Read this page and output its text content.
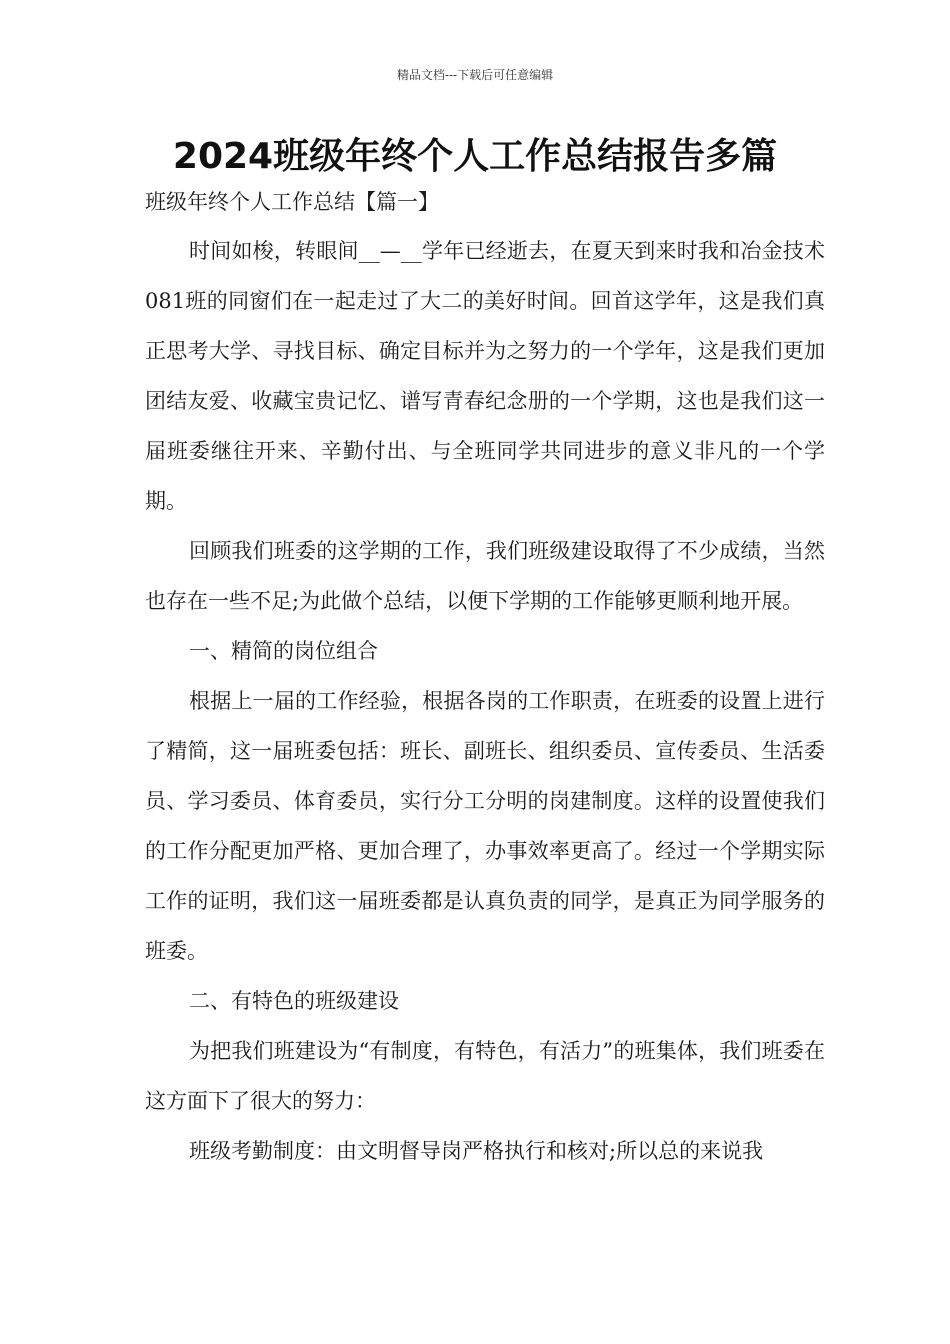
精品文档---下载后可任意编辑
2024班级年终个人工作总结报告多篇
班级年终个人工作总结【篇一】

时间如梭，转眼间__—__学年已经逝去，在夏天到来时我和冶金技术081班的同窗们在一起走过了大二的美好时间。回首这学年，这是我们真正思考大学、寻找目标、确定目标并为之努力的一个学年，这是我们更加团结友爱、收藏宝贵记忆、谱写青春纪念册的一个学期，这也是我们这一届班委继往开来、辛勤付出、与全班同学共同进步的意义非凡的一个学期。

回顾我们班委的这学期的工作，我们班级建设取得了不少成绩，当然也存在一些不足;为此做个总结，以便下学期的工作能够更顺利地开展。

一、精简的岗位组合

根据上一届的工作经验，根据各岗的工作职责，在班委的设置上进行了精简，这一届班委包括：班长、副班长、组织委员、宣传委员、生活委员、学习委员、体育委员，实行分工分明的岗建制度。这样的设置使我们的工作分配更加严格、更加合理了，办事效率更高了。经过一个学期实际工作的证明，我们这一届班委都是认真负责的同学，是真正为同学服务的班委。

二、有特色的班级建设

为把我们班建设为“有制度，有特色，有活力”的班集体，我们班委在这方面下了很大的努力：

班级考勤制度：由文明督导岗严格执行和核对;所以总的来说我
